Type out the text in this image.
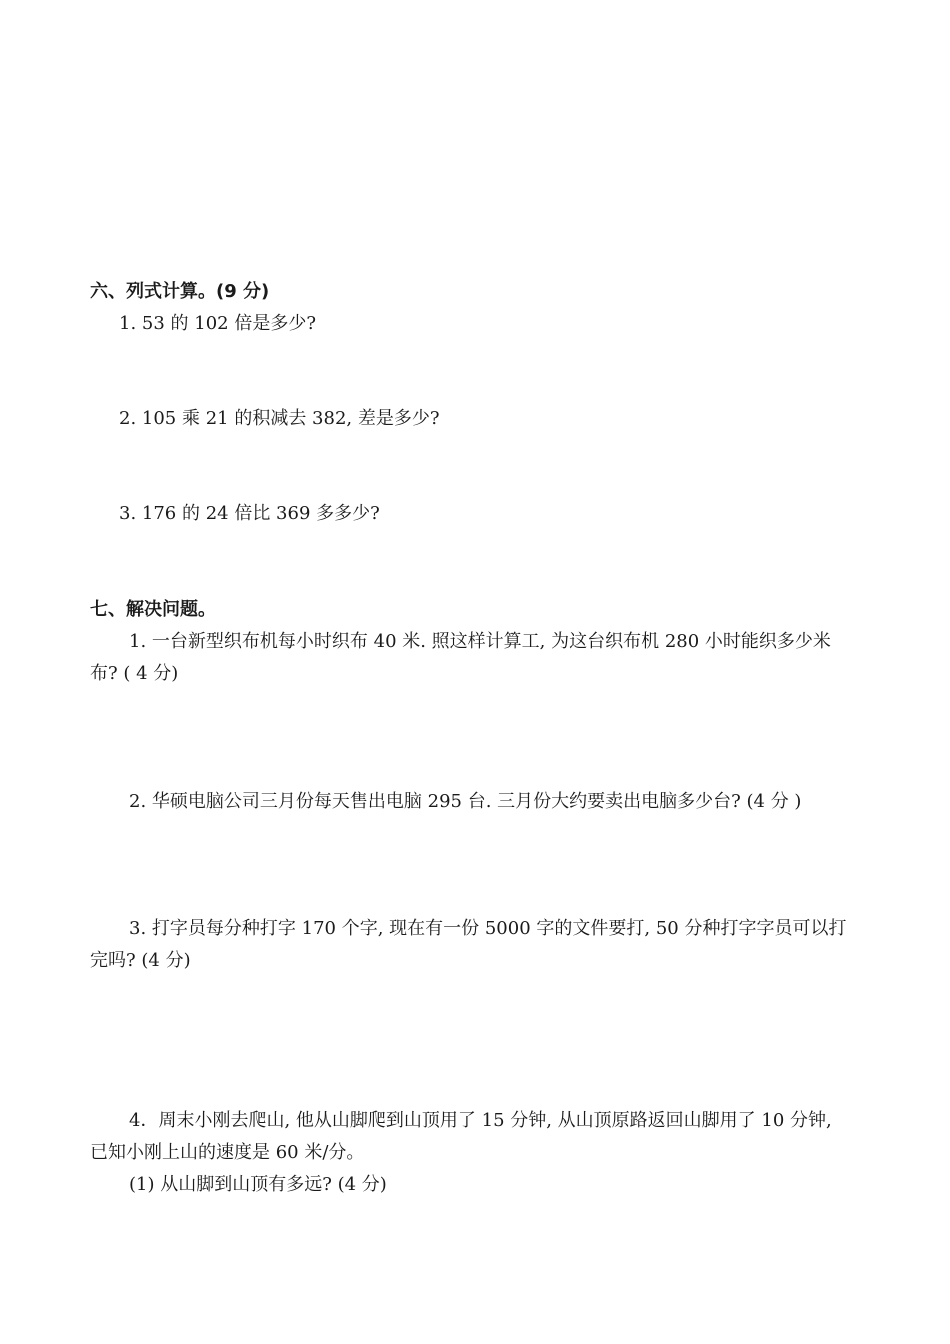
六、列式计算。(9 分)
1. 53 的 102 倍是多少?
2. 105 乘 21 的积减去 382, 差是多少?
3. 176 的 24 倍比 369 多多少?
七、解决问题。
1. 一台新型织布机每小时织布 40 米. 照这样计算工, 为这台织布机 280 小时能织多少米
布? ( 4 分)
2. 华硕电脑公司三月份每天售出电脑 295 台. 三月份大约要卖出电脑多少台? (4 分 )
3. 打字员每分种打字 170 个字, 现在有一份 5000 字的文件要打, 50 分种打字字员可以打
完吗? (4 分)
4．周末小刚去爬山, 他从山脚爬到山顶用了 15 分钟, 从山顶原路返回山脚用了 10 分钟,
已知小刚上山的速度是 60 米/分。
(1) 从山脚到山顶有多远? (4 分)
